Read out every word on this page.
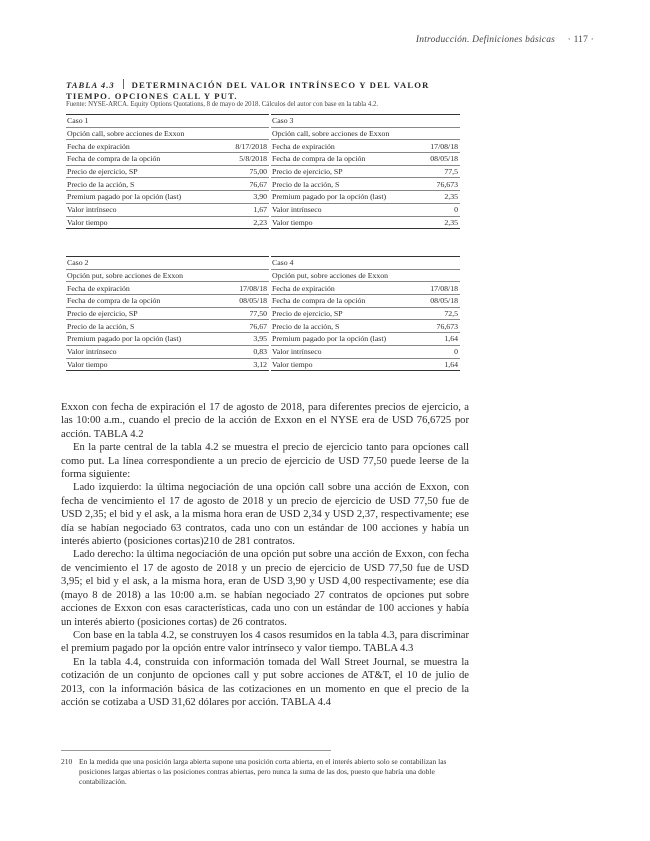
Introducción. Definiciones básicas · 117 ·
TABLA 4.3 DETERMINACIÓN DEL VALOR INTRÍNSECO Y DEL VALOR TIEMPO. OPCIONES CALL Y PUT.
Fuente: NYSE-ARCA. Equity Options Quotations, 8 de mayo de 2018. Cálculos del autor con base en la tabla 4.2.
Caso 1			Caso 3	
Opción call, sobre acciones de Exxon			Opción call, sobre acciones de Exxon	
Fecha de expiración	8/17/2018		Fecha de expiración	17/08/18
Fecha de compra de la opción	5/8/2018		Fecha de compra de la opción	08/05/18
Precio de ejercicio, SP	75,00		Precio de ejercicio, SP	77,5
Precio de la acción, S	76,67		Precio de la acción, S	76,673
Premium pagado por la opción (last)	3,90		Premium pagado por la opción (last)	2,35
Valor intrínseco	1,67		Valor intrínseco	0
Valor tiempo	2,23		Valor tiempo	2,35
Caso 2			Caso 4	
Opción put, sobre acciones de Exxon			Opción put, sobre acciones de Exxon	
Fecha de expiración	17/08/18		Fecha de expiración	17/08/18
Fecha de compra de la opción	08/05/18		Fecha de compra de la opción	08/05/18
Precio de ejercicio, SP	77,50		Precio de ejercicio, SP	72,5
Precio de la acción, S	76,67		Precio de la acción, S	76,673
Premium pagado por la opción (last)	3,95		Premium pagado por la opción (last)	1,64
Valor intrínseco	0,83		Valor intrínseco	0
Valor tiempo	3,12		Valor tiempo	1,64

Exxon con fecha de expiración el 17 de agosto de 2018, para diferentes precios de ejercicio, a las 10:00 a.m., cuando el precio de la acción de Exxon en el NYSE era de USD 76,6725 por acción. TABLA 4.2

En la parte central de la tabla 4.2 se muestra el precio de ejercicio tanto para opciones call como put. La línea correspondiente a un precio de ejercicio de USD 77,50 puede leerse de la forma siguiente:

Lado izquierdo: la última negociación de una opción call sobre una acción de Exxon, con fecha de vencimiento el 17 de agosto de 2018 y un precio de ejercicio de USD 77,50 fue de USD 2,35; el bid y el ask, a la misma hora eran de USD 2,34 y USD 2,37, respectivamente; ese día se habían negociado 63 contratos, cada uno con un estándar de 100 acciones y había un interés abierto (posiciones cortas)210 de 281 contratos.

Lado derecho: la última negociación de una opción put sobre una acción de Exxon, con fecha de vencimiento el 17 de agosto de 2018 y un precio de ejercicio de USD 77,50 fue de USD 3,95; el bid y el ask, a la misma hora, eran de USD 3,90 y USD 4,00 respectivamente; ese día (mayo 8 de 2018) a las 10:00 a.m. se habían negociado 27 contratos de opciones put sobre acciones de Exxon con esas características, cada uno con un estándar de 100 acciones y había un interés abierto (posiciones cortas) de 26 contratos.

Con base en la tabla 4.2, se construyen los 4 casos resumidos en la tabla 4.3, para discriminar el premium pagado por la opción entre valor intrínseco y valor tiempo. TABLA 4.3

En la tabla 4.4, construida con información tomada del Wall Street Journal, se muestra la cotización de un conjunto de opciones call y put sobre acciones de AT&T, el 10 de julio de 2013, con la información básica de las cotizaciones en un momento en que el precio de la acción se cotizaba a USD 31,62 dólares por acción. TABLA 4.4

210 En la medida que una posición larga abierta supone una posición corta abierta, en el interés abierto solo se contabilizan las posiciones largas abiertas o las posiciones contras abiertas, pero nunca la suma de las dos, puesto que habría una doble contabilización.
